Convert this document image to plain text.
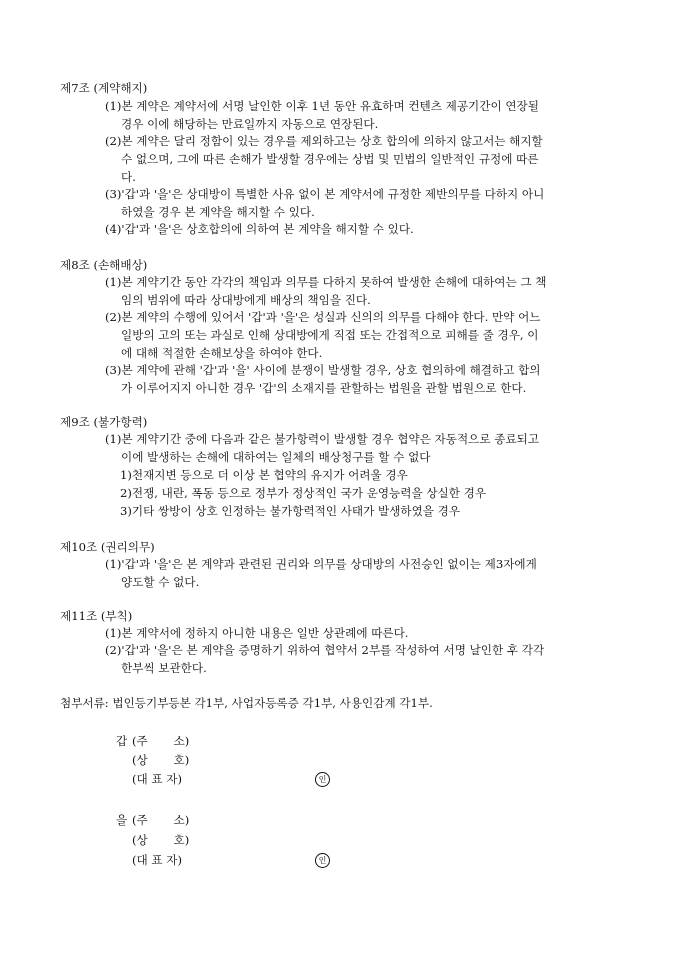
제7조 (계약해지)
(1)본 계약은 계약서에 서명 날인한 이후 1년 동안 유효하며 컨텐츠 제공기간이 연장될
경우 이에 해당하는 만료일까지 자동으로 연장된다.
(2)본 계약은 달리 정함이 있는 경우를 제외하고는 상호 합의에 의하지 않고서는 해지할
수 없으며, 그에 따른 손해가 발생할 경우에는 상법 및 민법의 일반적인 규정에 따른
다.
(3)'갑'과 '을'은 상대방이 특별한 사유 없이 본 계약서에 규정한 제반의무를 다하지 아니
하였을 경우 본 계약을 해지할 수 있다.
(4)'갑'과 '을'은 상호합의에 의하여 본 계약을 해지할 수 있다.
제8조 (손해배상)
(1)본 계약기간 동안 각각의 책임과 의무를 다하지 못하여 발생한 손해에 대하여는 그 책
임의 범위에 따라 상대방에게 배상의 책임을 진다.
(2)본 계약의 수행에 있어서 '갑'과 '을'은 성실과 신의의 의무를 다해야 한다. 만약 어느
일방의 고의 또는 과실로 인해 상대방에게 직접 또는 간접적으로 피해를 줄 경우, 이
에 대해 적절한 손해보상을 하여야 한다.
(3)본 계약에 관해 '갑'과 '을' 사이에 분쟁이 발생할 경우, 상호 협의하에 해결하고 합의
가 이루어지지 아니한 경우 '갑'의 소재지를 관할하는 법원을 관할 법원으로 한다.
제9조 (불가항력)
(1)본 계약기간 중에 다음과 같은 불가항력이 발생할 경우 협약은 자동적으로 종료되고
이에 발생하는 손해에 대하여는 일체의 배상청구를 할 수 없다
1)천재지변 등으로 더 이상 본 협약의 유지가 어려울 경우
2)전쟁, 내란, 폭동 등으로 정부가 정상적인 국가 운영능력을 상실한 경우
3)기타 쌍방이 상호 인정하는 불가항력적인 사태가 발생하였을 경우
제10조 (권리의무)
(1)'갑'과 '을'은 본 계약과 관련된 권리와 의무를 상대방의 사전승인 없이는 제3자에게
양도할 수 없다.
제11조 (부칙)
(1)본 계약서에 정하지 아니한 내용은 일반 상관례에 따른다.
(2)'갑'과 '을'은 본 계약을 증명하기 위하여 협약서 2부를 작성하여 서명 날인한 후 각각
한부씩 보관한다.
첨부서류: 법인등기부등본 각1부, 사업자등록증 각1부, 사용인감계 각1부.
갑 (주       소)
(상       호)
(대 표 자)	인
을 (주       소)
(상       호)
(대 표 자)	인
